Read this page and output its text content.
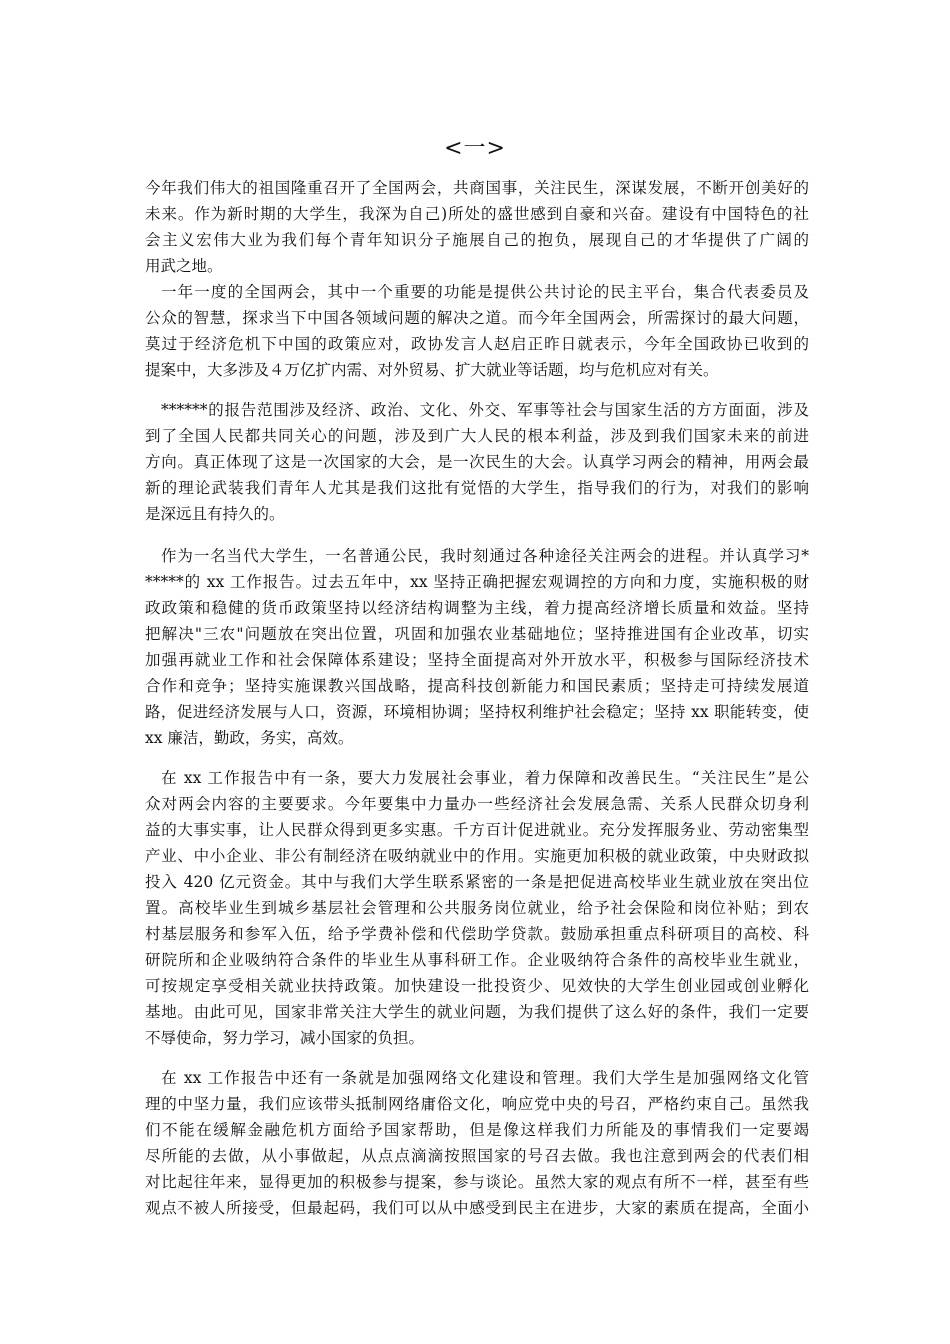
<一>
今年我们伟大的祖国隆重召开了全国两会，共商国事，关注民生，深谋发展，不断开创美好的
未来。作为新时期的大学生，我深为自己)所处的盛世感到自豪和兴奋。建设有中国特色的社
会主义宏伟大业为我们每个青年知识分子施展自己的抱负，展现自己的才华提供了广阔的
用武之地。
一年一度的全国两会，其中一个重要的功能是提供公共讨论的民主平台，集合代表委员及
公众的智慧，探求当下中国各领域问题的解决之道。而今年全国两会，所需探讨的最大问题，
莫过于经济危机下中国的政策应对，政协发言人赵启正昨日就表示，今年全国政协已收到的
提案中，大多涉及４万亿扩内需、对外贸易、扩大就业等话题，均与危机应对有关。
******的报告范围涉及经济、政治、文化、外交、军事等社会与国家生活的方方面面，涉及
到了全国人民都共同关心的问题，涉及到广大人民的根本利益，涉及到我们国家未来的前进
方向。真正体现了这是一次国家的大会，是一次民生的大会。认真学习两会的精神，用两会最
新的理论武装我们青年人尤其是我们这批有觉悟的大学生，指导我们的行为，对我们的影响
是深远且有持久的。
作为一名当代大学生，一名普通公民，我时刻通过各种途径关注两会的进程。并认真学习*
*****的 xx 工作报告。过去五年中，xx 坚持正确把握宏观调控的方向和力度，实施积极的财
政政策和稳健的货币政策坚持以经济结构调整为主线，着力提高经济增长质量和效益。坚持
把解决"三农"问题放在突出位置，巩固和加强农业基础地位；坚持推进国有企业改革，切实
加强再就业工作和社会保障体系建设；坚持全面提高对外开放水平，积极参与国际经济技术
合作和竞争；坚持实施课教兴国战略，提高科技创新能力和国民素质；坚持走可持续发展道
路，促进经济发展与人口，资源，环境相协调；坚持权利维护社会稳定；坚持 xx 职能转变，使
xx 廉洁，勤政，务实，高效。
在 xx 工作报告中有一条，要大力发展社会事业，着力保障和改善民生。“关注民生”是公
众对两会内容的主要要求。今年要集中力量办一些经济社会发展急需、关系人民群众切身利
益的大事实事，让人民群众得到更多实惠。千方百计促进就业。充分发挥服务业、劳动密集型
产业、中小企业、非公有制经济在吸纳就业中的作用。实施更加积极的就业政策，中央财政拟
投入 420 亿元资金。其中与我们大学生联系紧密的一条是把促进高校毕业生就业放在突出位
置。高校毕业生到城乡基层社会管理和公共服务岗位就业，给予社会保险和岗位补贴；到农
村基层服务和参军入伍，给予学费补偿和代偿助学贷款。鼓励承担重点科研项目的高校、科
研院所和企业吸纳符合条件的毕业生从事科研工作。企业吸纳符合条件的高校毕业生就业，
可按规定享受相关就业扶持政策。加快建设一批投资少、见效快的大学生创业园或创业孵化
基地。由此可见，国家非常关注大学生的就业问题，为我们提供了这么好的条件，我们一定要
不辱使命，努力学习，减小国家的负担。
在 xx 工作报告中还有一条就是加强网络文化建设和管理。我们大学生是加强网络文化管
理的中坚力量，我们应该带头抵制网络庸俗文化，响应党中央的号召，严格约束自己。虽然我
们不能在缓解金融危机方面给予国家帮助，但是像这样我们力所能及的事情我们一定要竭
尽所能的去做，从小事做起，从点点滴滴按照国家的号召去做。我也注意到两会的代表们相
对比起往年来，显得更加的积极参与提案，参与谈论。虽然大家的观点有所不一样，甚至有些
观点不被人所接受，但最起码，我们可以从中感受到民主在进步，大家的素质在提高，全面小
